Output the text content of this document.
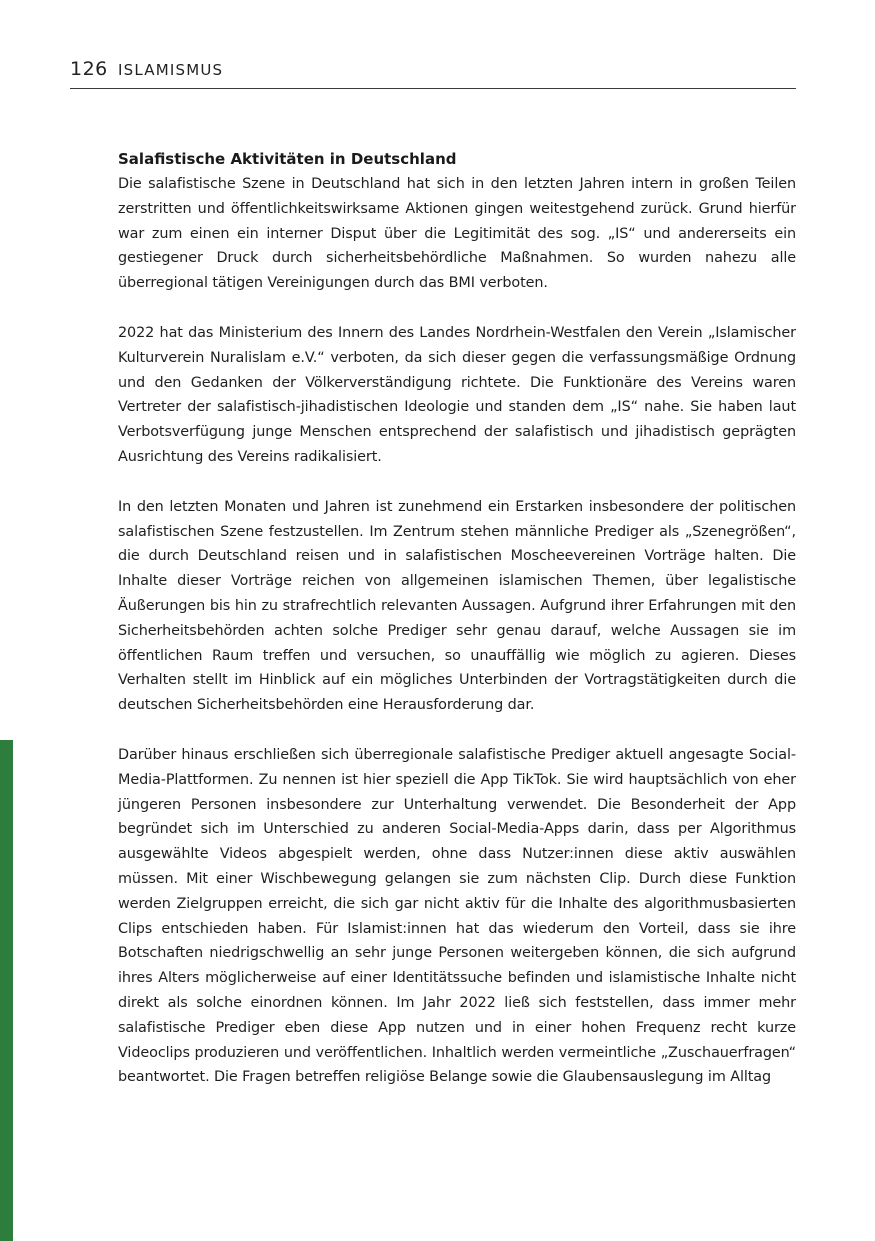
126 ISLAMISMUS
Salafistische Aktivitäten in Deutschland

Die salafistische Szene in Deutschland hat sich in den letzten Jahren intern in großen Teilen zerstritten und öffentlichkeitswirksame Aktionen gingen weitestgehend zurück. Grund hierfür war zum einen ein interner Disput über die Legitimität des sog. „IS“ und andererseits ein gestiegener Druck durch sicherheitsbehördliche Maßnahmen. So wurden nahezu alle überregional tätigen Vereinigungen durch das BMI verboten.

2022 hat das Ministerium des Innern des Landes Nordrhein-Westfalen den Verein „Islamischer Kulturverein Nuralislam e.V.“ verboten, da sich dieser gegen die verfassungsmäßige Ordnung und den Gedanken der Völkerverständigung richtete. Die Funktionäre des Vereins waren Vertreter der salafistisch-jihadistischen Ideologie und standen dem „IS“ nahe. Sie haben laut Verbotsverfügung junge Menschen entsprechend der salafistisch und jihadistisch geprägten Ausrichtung des Vereins radikalisiert.

In den letzten Monaten und Jahren ist zunehmend ein Erstarken insbesondere der politischen salafistischen Szene festzustellen. Im Zentrum stehen männliche Prediger als „Szenegrößen“, die durch Deutschland reisen und in salafistischen Moscheevereinen Vorträge halten. Die Inhalte dieser Vorträge reichen von allgemeinen islamischen Themen, über legalistische Äußerungen bis hin zu strafrechtlich relevanten Aussagen. Aufgrund ihrer Erfahrungen mit den Sicherheitsbehörden achten solche Prediger sehr genau darauf, welche Aussagen sie im öffentlichen Raum treffen und versuchen, so unauffällig wie möglich zu agieren. Dieses Verhalten stellt im Hinblick auf ein mögliches Unterbinden der Vortragstätigkeiten durch die deutschen Sicherheitsbehörden eine Herausforderung dar.

Darüber hinaus erschließen sich überregionale salafistische Prediger aktuell angesagte Social-Media-Plattformen. Zu nennen ist hier speziell die App TikTok. Sie wird hauptsächlich von eher jüngeren Personen insbesondere zur Unterhaltung verwendet. Die Besonderheit der App begründet sich im Unterschied zu anderen Social-Media-Apps darin, dass per Algorithmus ausgewählte Videos abgespielt werden, ohne dass Nutzer:innen diese aktiv auswählen müssen. Mit einer Wischbewegung gelangen sie zum nächsten Clip. Durch diese Funktion werden Zielgruppen erreicht, die sich gar nicht aktiv für die Inhalte des algorithmusbasierten Clips entschieden haben. Für Islamist:innen hat das wiederum den Vorteil, dass sie ihre Botschaften niedrigschwellig an sehr junge Personen weitergeben können, die sich aufgrund ihres Alters möglicherweise auf einer Identitätssuche befinden und islamistische Inhalte nicht direkt als solche einordnen können. Im Jahr 2022 ließ sich feststellen, dass immer mehr salafistische Prediger eben diese App nutzen und in einer hohen Frequenz recht kurze Videoclips produzieren und veröffentlichen. Inhaltlich werden vermeintliche „Zuschauerfragen“ beantwortet. Die Fragen betreffen religiöse Belange sowie die Glaubensauslegung im Alltag
